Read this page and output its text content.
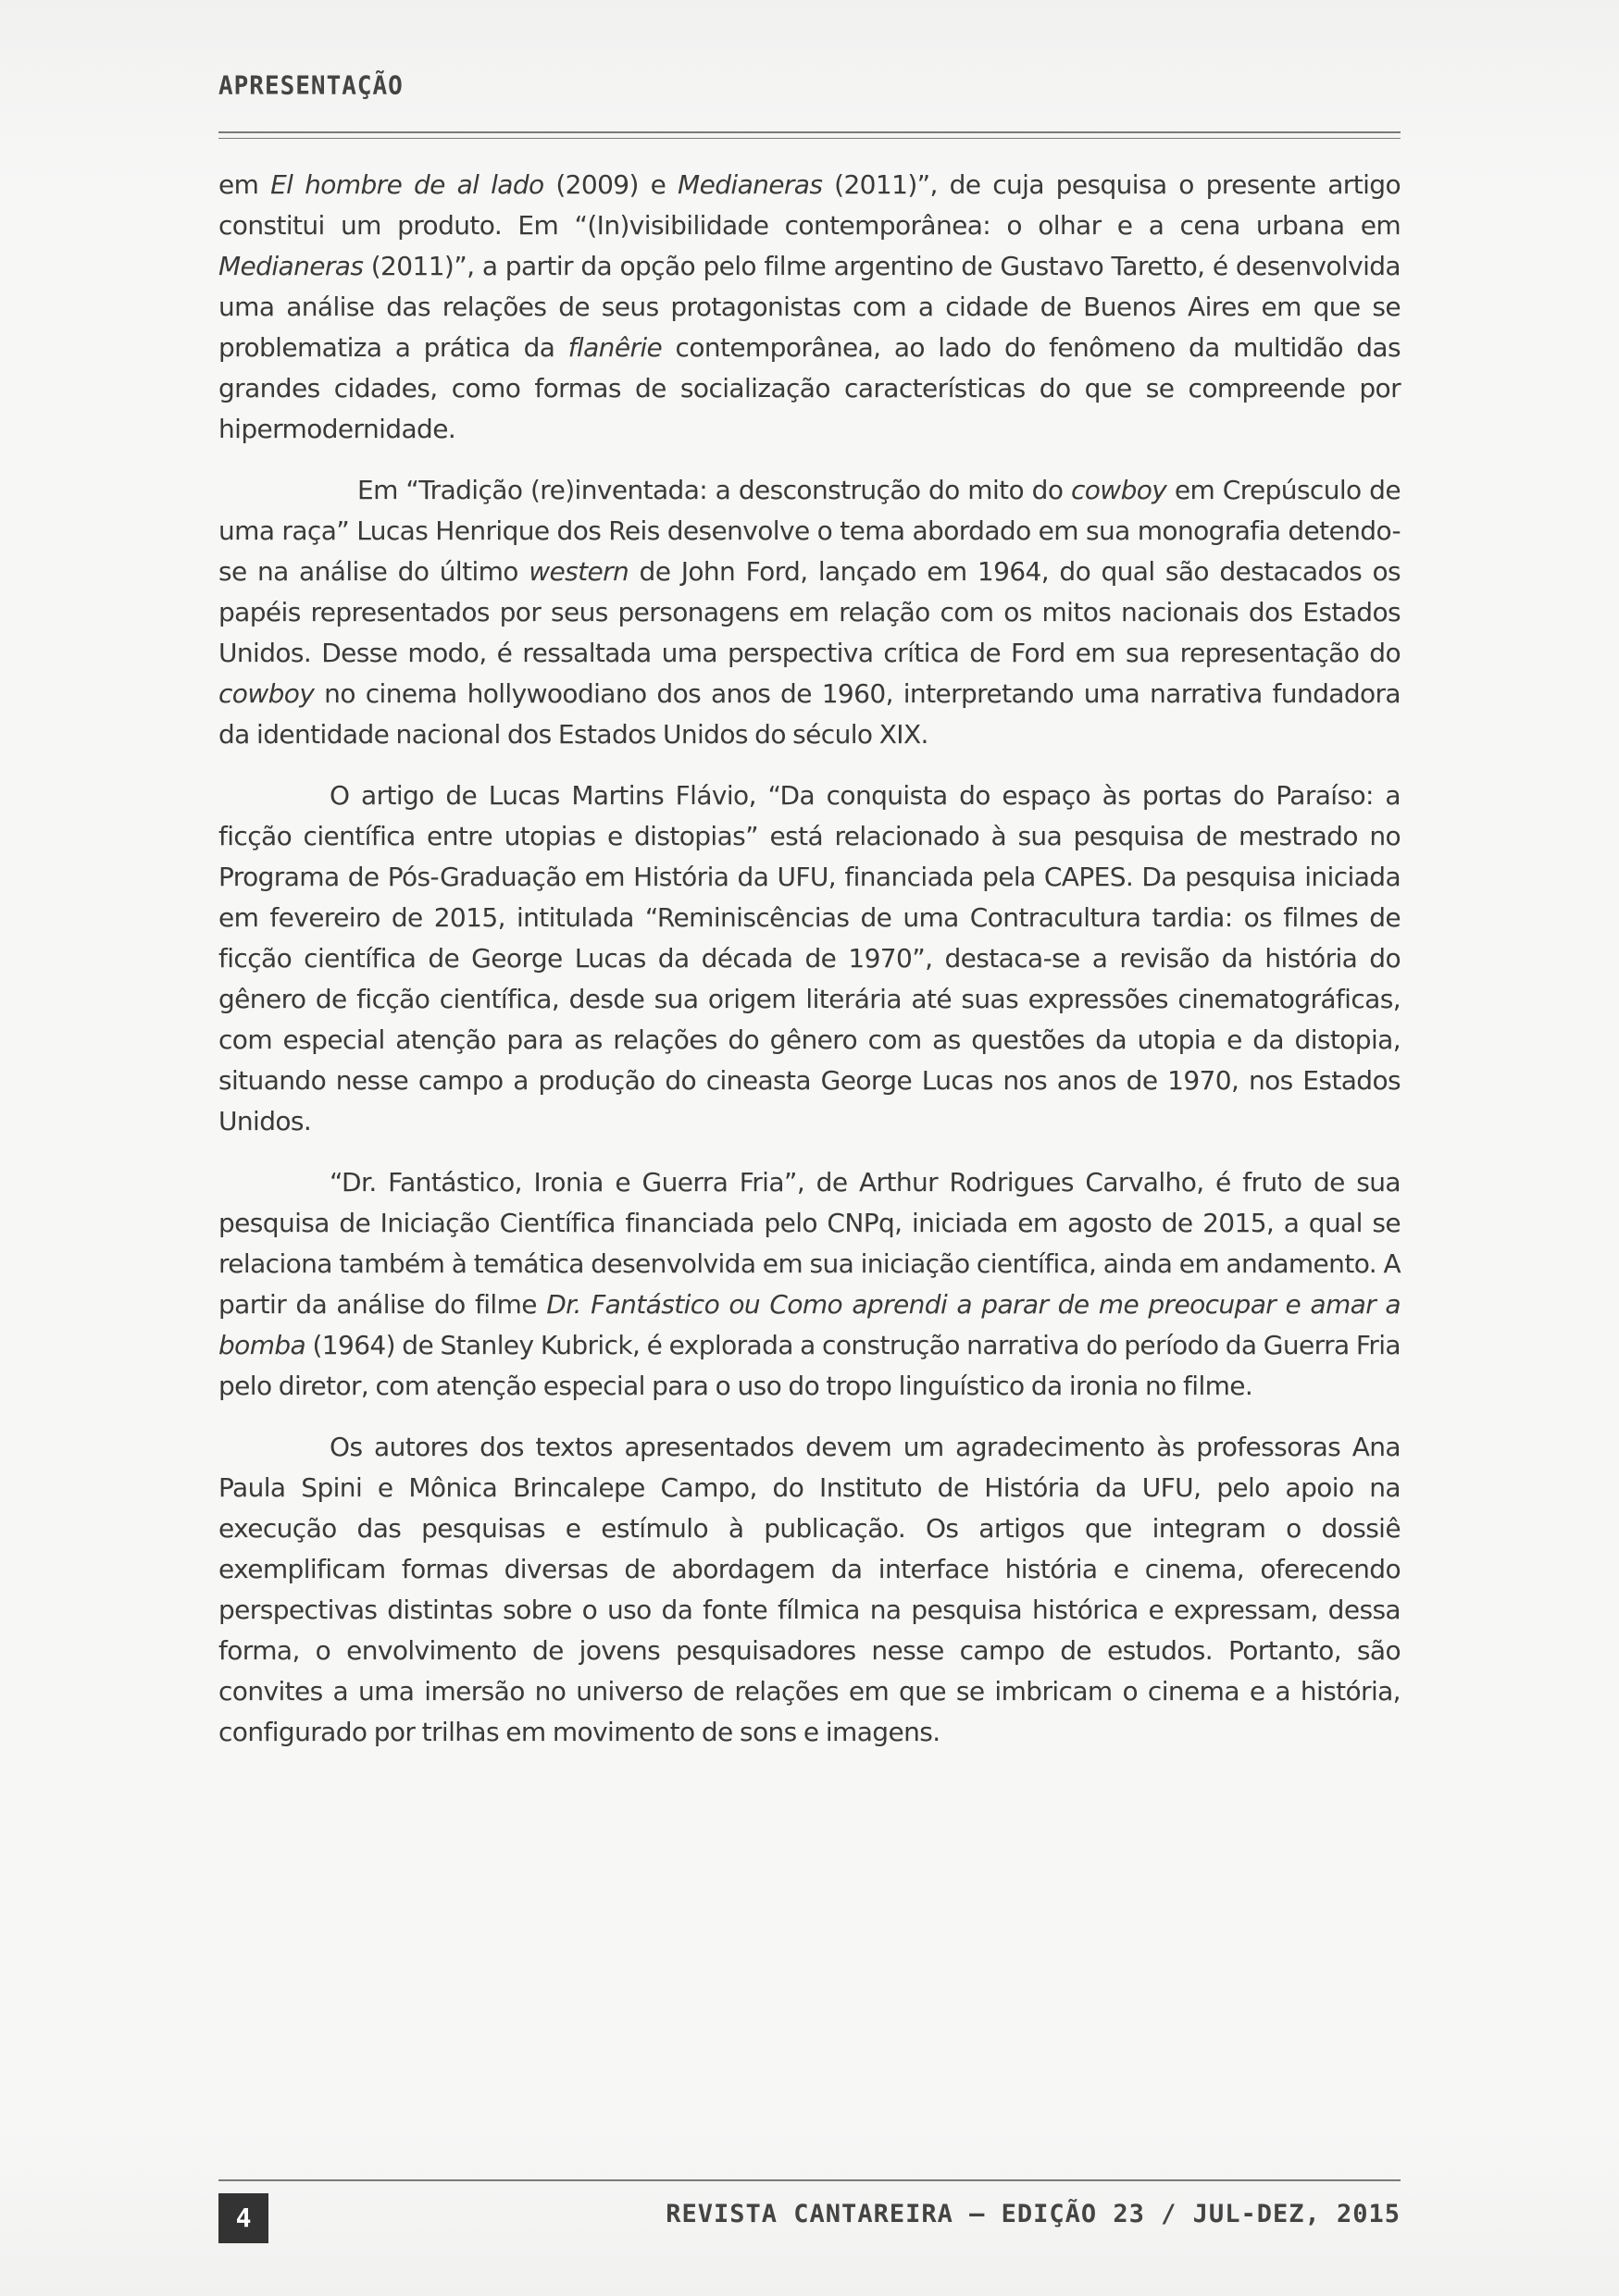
APRESENTAÇÃO

em El hombre de al lado (2009) e Medianeras (2011)”, de cuja pesquisa o presente artigo constitui um produto. Em “(In)visibilidade contemporânea: o olhar e a cena urbana em Medianeras (2011)”, a partir da opção pelo filme argentino de Gustavo Taretto, é desenvolvida uma análise das relações de seus protagonistas com a cidade de Buenos Aires em que se problematiza a prática da flanêrie contemporânea, ao lado do fenômeno da multidão das grandes cidades, como formas de socialização características do que se compreende por hipermodernidade.

Em “Tradição (re)inventada: a desconstrução do mito do cowboy em Crepúsculo de uma raça” Lucas Henrique dos Reis desenvolve o tema abordado em sua monografia detendo-se na análise do último western de John Ford, lançado em 1964, do qual são destacados os papéis representados por seus personagens em relação com os mitos nacionais dos Estados Unidos. Desse modo, é ressaltada uma perspectiva crítica de Ford em sua representação do cowboy no cinema hollywoodiano dos anos de 1960, interpretando uma narrativa fundadora da identidade nacional dos Estados Unidos do século XIX.

O artigo de Lucas Martins Flávio, “Da conquista do espaço às portas do Paraíso: a ficção científica entre utopias e distopias” está relacionado à sua pesquisa de mestrado no Programa de Pós-Graduação em História da UFU, financiada pela CAPES. Da pesquisa iniciada em fevereiro de 2015, intitulada “Reminiscências de uma Contracultura tardia: os filmes de ficção científica de George Lucas da década de 1970”, destaca-se a revisão da história do gênero de ficção científica, desde sua origem literária até suas expressões cinematográficas, com especial atenção para as relações do gênero com as questões da utopia e da distopia, situando nesse campo a produção do cineasta George Lucas nos anos de 1970, nos Estados Unidos.

“Dr. Fantástico, Ironia e Guerra Fria”, de Arthur Rodrigues Carvalho, é fruto de sua pesquisa de Iniciação Científica financiada pelo CNPq, iniciada em agosto de 2015, a qual se relaciona também à temática desenvolvida em sua iniciação científica, ainda em andamento. A partir da análise do filme Dr. Fantástico ou Como aprendi a parar de me preocupar e amar a bomba (1964) de Stanley Kubrick, é explorada a construção narrativa do período da Guerra Fria pelo diretor, com atenção especial para o uso do tropo linguístico da ironia no filme.

Os autores dos textos apresentados devem um agradecimento às professoras Ana Paula Spini e Mônica Brincalepe Campo, do Instituto de História da UFU, pelo apoio na execução das pesquisas e estímulo à publicação. Os artigos que integram o dossiê exemplificam formas diversas de abordagem da interface história e cinema, oferecendo perspectivas distintas sobre o uso da fonte fílmica na pesquisa histórica e expressam, dessa forma, o envolvimento de jovens pesquisadores nesse campo de estudos. Portanto, são convites a uma imersão no universo de relações em que se imbricam o cinema e a história, configurado por trilhas em movimento de sons e imagens.

4	REVISTA CANTAREIRA – EDIÇÃO 23 / JUL-DEZ, 2015
